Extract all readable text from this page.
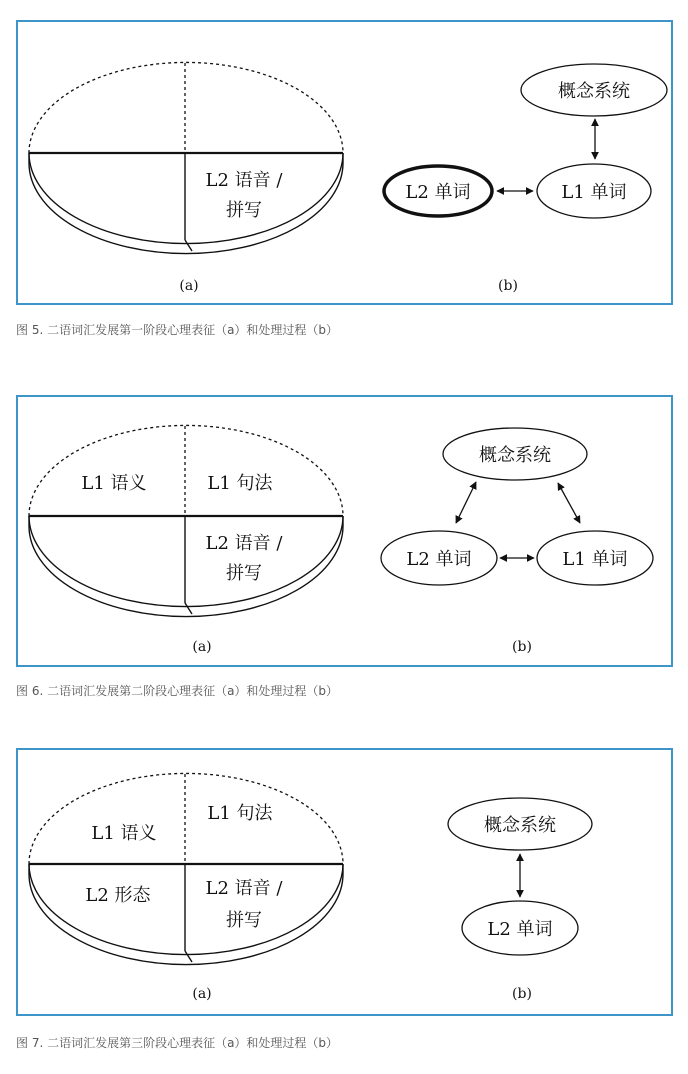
L2 语音 /
拼写
(a)
概念系统
L2 单词	L1 单词
(b)
图 5. 二语词汇发展第一阶段心理表征（a）和处理过程（b）
L1 语义	L1 句法
L2 语音 /
拼写
(a)
概念系统
L2 单词	L1 单词
(b)
图 6. 二语词汇发展第二阶段心理表征（a）和处理过程（b）
L1 语义
L1 句法
L2 形态	L2 语音 /
拼写
(a)
概念系统
L2 单词
(b)
图 7. 二语词汇发展第三阶段心理表征（a）和处理过程（b）
